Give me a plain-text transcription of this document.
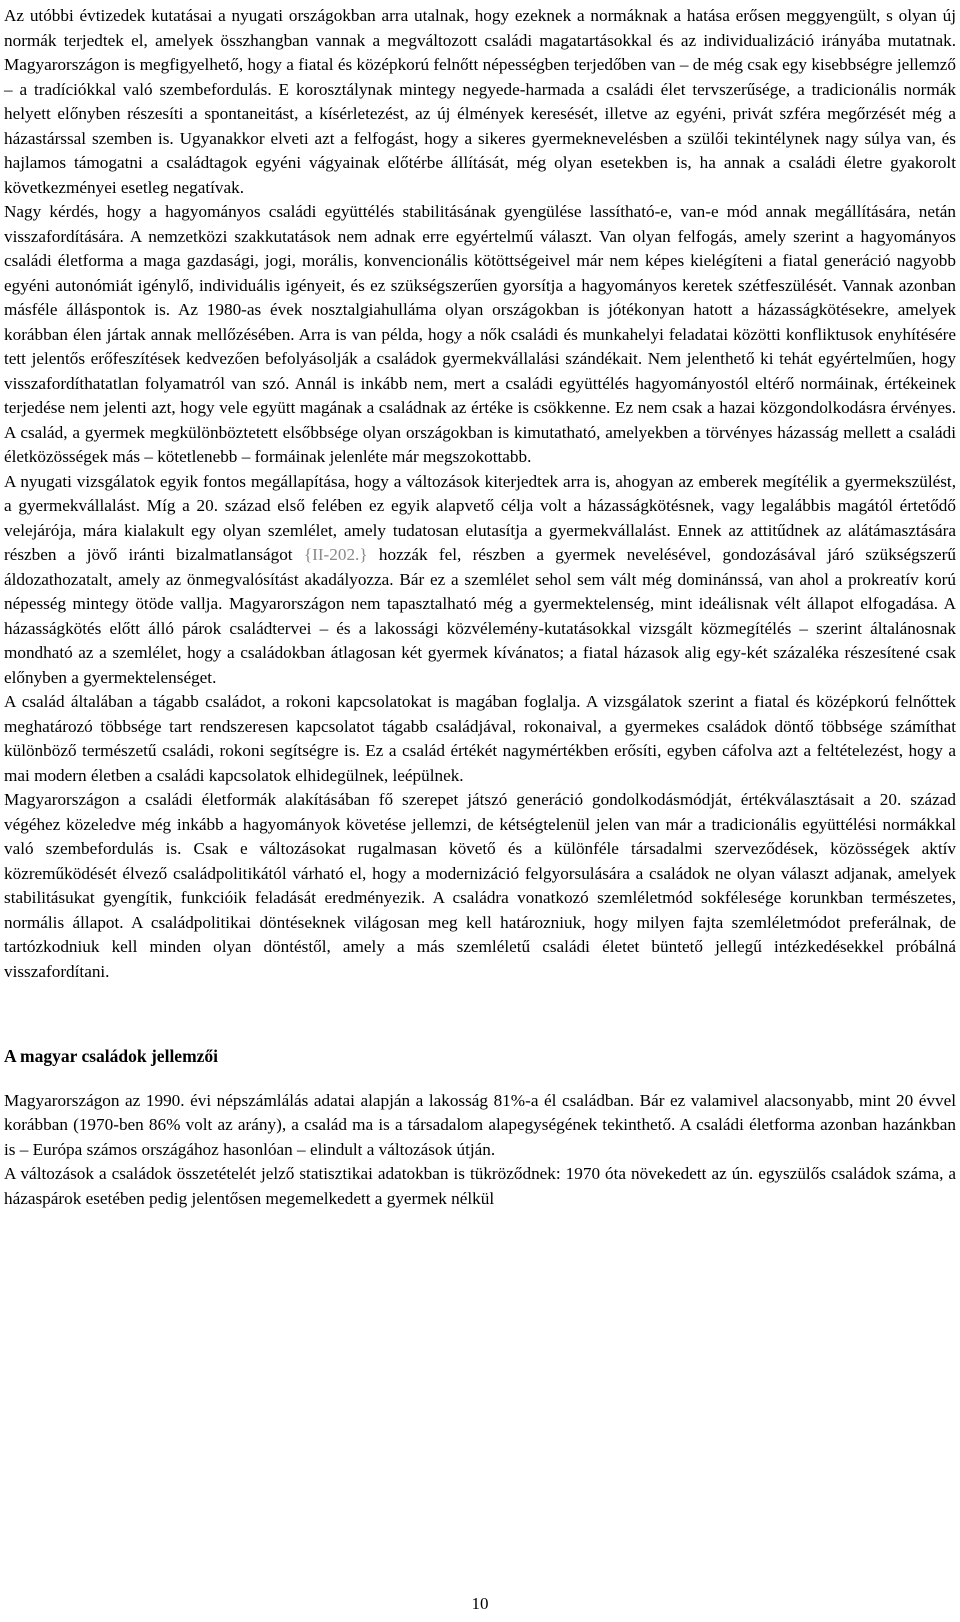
Az utóbbi évtizedek kutatásai a nyugati országokban arra utalnak, hogy ezeknek a normáknak a hatása erősen meggyengült, s olyan új normák terjedtek el, amelyek összhangban vannak a megváltozott családi magatartásokkal és az individualizáció irányába mutatnak. Magyarországon is megfigyelhető, hogy a fiatal és középkorú felnőtt népességben terjedőben van – de még csak egy kisebbségre jellemző – a tradíciókkal való szembefordulás. E korosztálynak mintegy negyede-harmada a családi élet tervszerűsége, a tradicionális normák helyett előnyben részesíti a spontaneitást, a kísérletezést, az új élmények keresését, illetve az egyéni, privát szféra megőrzését még a házastárssal szemben is. Ugyanakkor elveti azt a felfogást, hogy a sikeres gyermeknevelésben a szülői tekintélynek nagy súlya van, és hajlamos támogatni a családtagok egyéni vágyainak előtérbe állítását, még olyan esetekben is, ha annak a családi életre gyakorolt következményei esetleg negatívak.

Nagy kérdés, hogy a hagyományos családi együttélés stabilitásának gyengülése lassítható-e, van-e mód annak megállítására, netán visszafordítására. A nemzetközi szakkutatások nem adnak erre egyértelmű választ. Van olyan felfogás, amely szerint a hagyományos családi életforma a maga gazdasági, jogi, morális, konvencionális kötöttségeivel már nem képes kielégíteni a fiatal generáció nagyobb egyéni autonómiát igénylő, individuális igényeit, és ez szükségszerűen gyorsítja a hagyományos keretek szétfeszülését. Vannak azonban másféle álláspontok is. Az 1980-as évek nosztalgiahulláma olyan országokban is jótékonyan hatott a házasságkötésekre, amelyek korábban élen jártak annak mellőzésében. Arra is van példa, hogy a nők családi és munkahelyi feladatai közötti konfliktusok enyhítésére tett jelentős erőfeszítések kedvezően befolyásolják a családok gyermekvállalási szándékait. Nem jelenthető ki tehát egyértelműen, hogy visszafordíthatatlan folyamatról van szó. Annál is inkább nem, mert a családi együttélés hagyományostól eltérő normáinak, értékeinek terjedése nem jelenti azt, hogy vele együtt magának a családnak az értéke is csökkenne. Ez nem csak a hazai közgondolkodásra érvényes. A család, a gyermek megkülönböztetett elsőbbsége olyan országokban is kimutatható, amelyekben a törvényes házasság mellett a családi életközösségek más – kötetlenebb – formáinak jelenléte már megszokottabb.

A nyugati vizsgálatok egyik fontos megállapítása, hogy a változások kiterjedtek arra is, ahogyan az emberek megítélik a gyermekszülést, a gyermekvállalást. Míg a 20. század első felében ez egyik alapvető célja volt a házasságkötésnek, vagy legalábbis magától értetődő velejárója, mára kialakult egy olyan szemlélet, amely tudatosan elutasítja a gyermekvállalást. Ennek az attitűdnek az alátámasztására részben a jövő iránti bizalmatlanságot {II-202.} hozzák fel, részben a gyermek nevelésével, gondozásával járó szükségszerű áldozathozatalt, amely az önmegvalósítást akadályozza. Bár ez a szemlélet sehol sem vált még dominánssá, van ahol a prokreatív korú népesség mintegy ötöde vallja. Magyarországon nem tapasztalható még a gyermektelenség, mint ideálisnak vélt állapot elfogadása. A házasságkötés előtt álló párok családtervei – és a lakossági közvélemény-kutatásokkal vizsgált közmegítélés – szerint általánosnak mondható az a szemlélet, hogy a családokban átlagosan két gyermek kívánatos; a fiatal házasok alig egy-két százaléka részesítené csak előnyben a gyermektelenséget.

A család általában a tágabb családot, a rokoni kapcsolatokat is magában foglalja. A vizsgálatok szerint a fiatal és középkorú felnőttek meghatározó többsége tart rendszeresen kapcsolatot tágabb családjával, rokonaival, a gyermekes családok döntő többsége számíthat különböző természetű családi, rokoni segítségre is. Ez a család értékét nagymértékben erősíti, egyben cáfolva azt a feltételezést, hogy a mai modern életben a családi kapcsolatok elhidegülnek, leépülnek.

Magyarországon a családi életformák alakításában fő szerepet játszó generáció gondolkodásmódját, értékválasztásait a 20. század végéhez közeledve még inkább a hagyományok követése jellemzi, de kétségtelenül jelen van már a tradicionális együttélési normákkal való szembefordulás is. Csak e változásokat rugalmasan követő és a különféle társadalmi szerveződések, közösségek aktív közreműködését élvező családpolitikától várható el, hogy a modernizáció felgyorsulására a családok ne olyan választ adjanak, amelyek stabilitásukat gyengítik, funkcióik feladását eredményezik. A családra vonatkozó szemléletmód sokfélesége korunkban természetes, normális állapot. A családpolitikai döntéseknek világosan meg kell határozniuk, hogy milyen fajta szemléletmódot preferálnak, de tartózkodniuk kell minden olyan döntéstől, amely a más szemléletű családi életet büntető jellegű intézkedésekkel próbálná visszafordítani.

A magyar családok jellemzői

Magyarországon az 1990. évi népszámlálás adatai alapján a lakosság 81%-a él családban. Bár ez valamivel alacsonyabb, mint 20 évvel korábban (1970-ben 86% volt az arány), a család ma is a társadalom alapegységének tekinthető. A családi életforma azonban hazánkban is – Európa számos országához hasonlóan – elindult a változások útján.

A változások a családok összetételét jelző statisztikai adatokban is tükröződnek: 1970 óta növekedett az ún. egyszülős családok száma, a házaspárok esetében pedig jelentősen megemelkedett a gyermek nélkül

10
